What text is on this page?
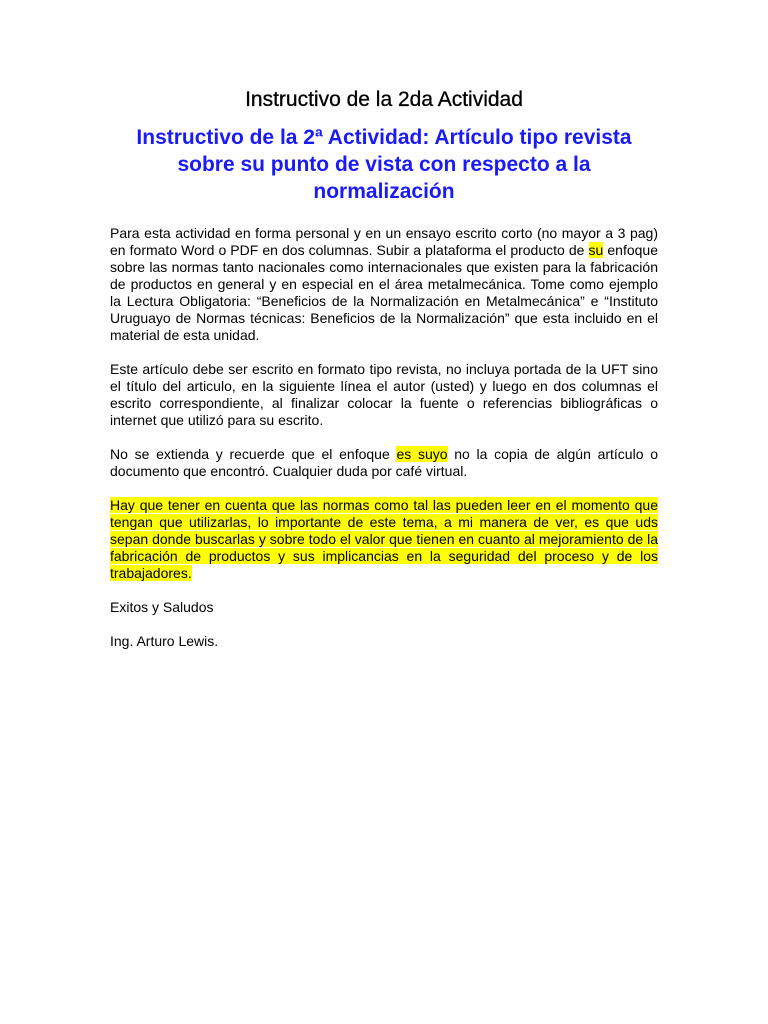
Instructivo de la 2da Actividad
Instructivo de la 2ª Actividad: Artículo tipo revista sobre su punto de vista con respecto a la normalización

Para esta actividad en forma personal y en un ensayo escrito corto (no mayor a 3 pag) en formato Word o PDF en dos columnas. Subir a plataforma el producto de su enfoque sobre las normas tanto nacionales como internacionales que existen para la fabricación de productos en general y en especial en el área metalmecánica. Tome como ejemplo la Lectura Obligatoria: “Beneficios de la Normalización en Metalmecánica” e “Instituto Uruguayo de Normas técnicas: Beneficios de la Normalización” que esta incluido en el material de esta unidad.

Este artículo debe ser escrito en formato tipo revista, no incluya portada de la UFT sino el título del articulo, en la siguiente línea el autor (usted) y luego en dos columnas el escrito correspondiente, al finalizar colocar la fuente o referencias bibliográficas o internet que utilizó para su escrito.

No se extienda y recuerde que el enfoque es suyo no la copia de algún artículo o documento que encontró. Cualquier duda por café virtual.

Hay que tener en cuenta que las normas como tal las pueden leer en el momento que tengan que utilizarlas, lo importante de este tema, a mi manera de ver, es que uds sepan donde buscarlas y sobre todo el valor que tienen en cuanto al mejoramiento de la fabricación de productos y sus implicancias en la seguridad del proceso y de los trabajadores.

Exitos y Saludos

Ing. Arturo Lewis.
